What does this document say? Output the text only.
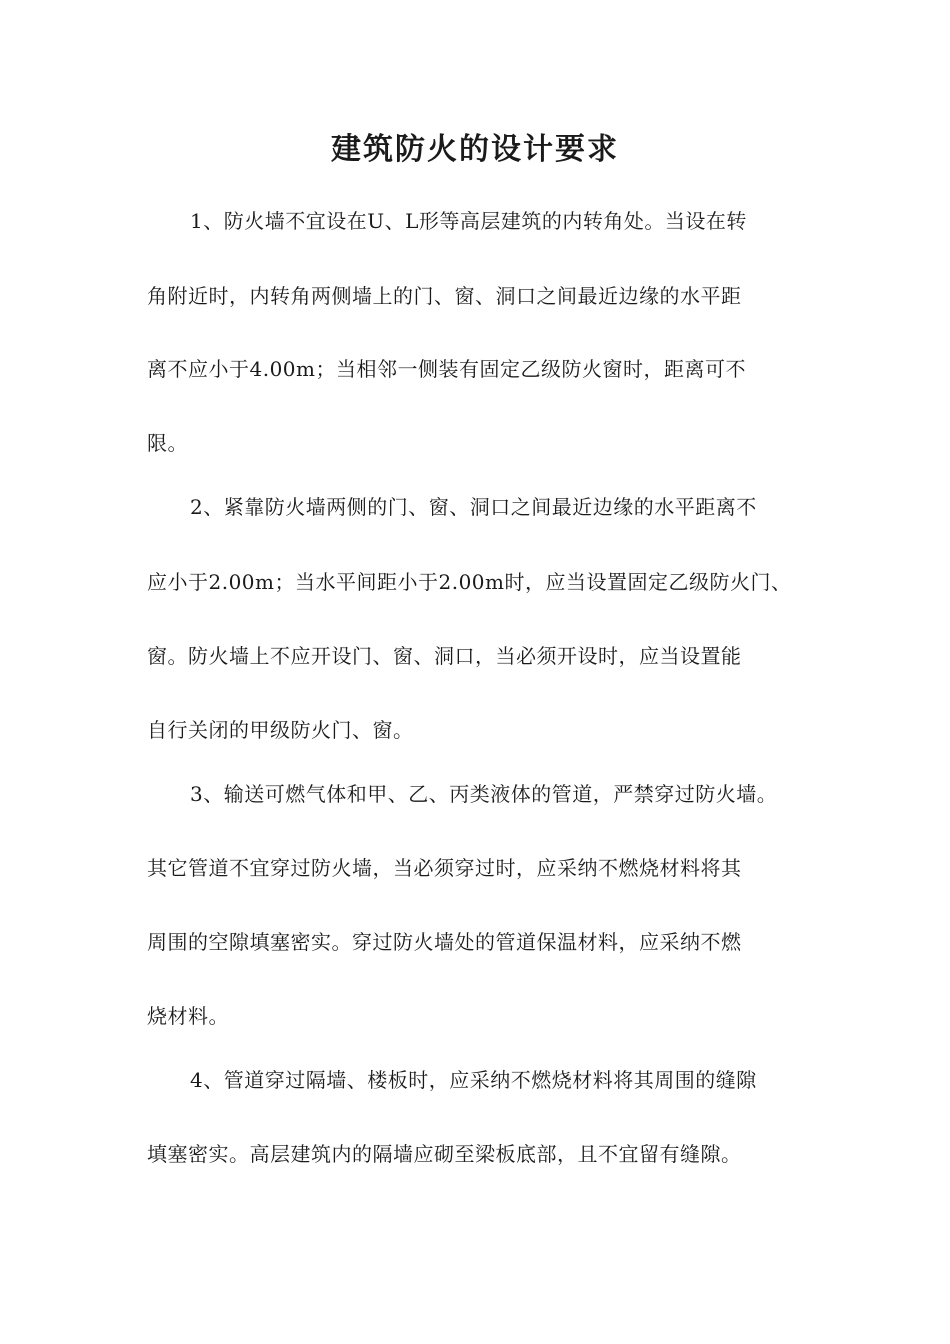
建筑防火的设计要求
1、防火墙不宜设在U、L形等高层建筑的内转角处。当设在转
角附近时，内转角两侧墙上的门、窗、洞口之间最近边缘的水平距
离不应小于4.00m；当相邻一侧装有固定乙级防火窗时，距离可不
限。
2、紧靠防火墙两侧的门、窗、洞口之间最近边缘的水平距离不
应小于2.00m；当水平间距小于2.00m时，应当设置固定乙级防火门、
窗。防火墙上不应开设门、窗、洞口，当必须开设时，应当设置能
自行关闭的甲级防火门、窗。
3、输送可燃气体和甲、乙、丙类液体的管道，严禁穿过防火墙。
其它管道不宜穿过防火墙，当必须穿过时，应采纳不燃烧材料将其
周围的空隙填塞密实。穿过防火墙处的管道保温材料，应采纳不燃
烧材料。
4、管道穿过隔墙、楼板时，应采纳不燃烧材料将其周围的缝隙
填塞密实。高层建筑内的隔墙应砌至梁板底部，且不宜留有缝隙。
